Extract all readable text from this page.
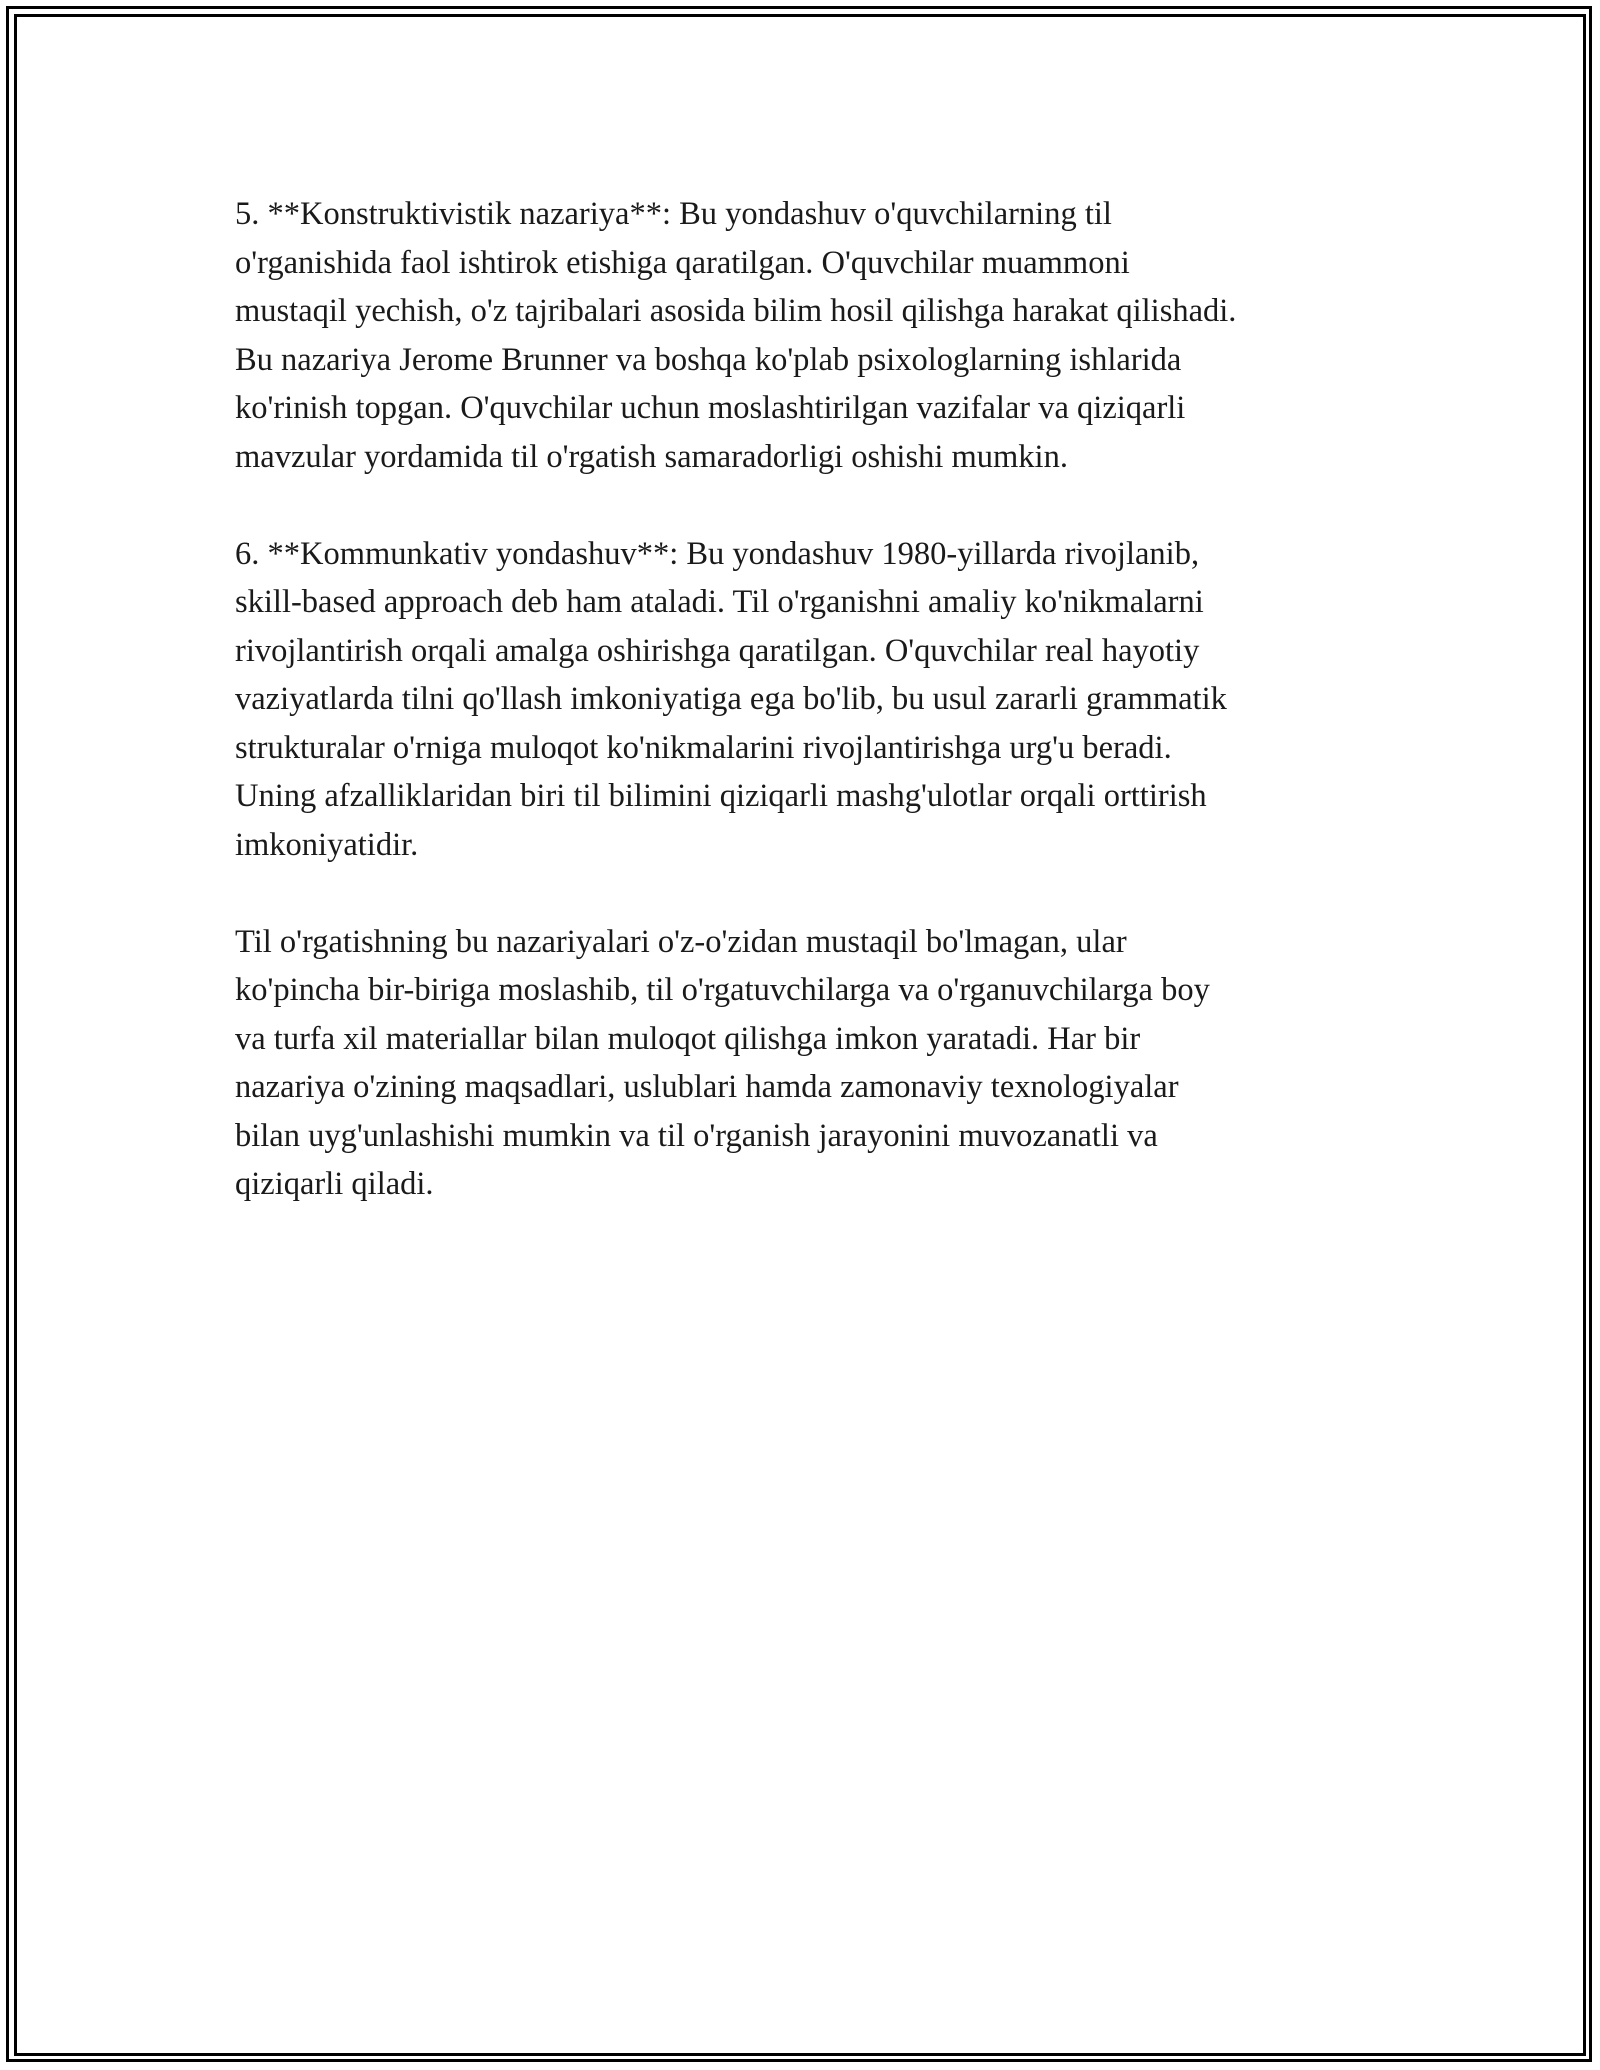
5. **Konstruktivistik nazariya**: Bu yondashuv o'quvchilarning til
o'rganishida faol ishtirok etishiga qaratilgan. O'quvchilar muammoni
mustaqil yechish, o'z tajribalari asosida bilim hosil qilishga harakat qilishadi.
Bu nazariya Jerome Brunner va boshqa ko'plab psixologlarning ishlarida
ko'rinish topgan. O'quvchilar uchun moslashtirilgan vazifalar va qiziqarli
mavzular yordamida til o'rgatish samaradorligi oshishi mumkin.

6. **Kommunkativ yondashuv**: Bu yondashuv 1980-yillarda rivojlanib,
skill-based approach deb ham ataladi. Til o'rganishni amaliy ko'nikmalarni
rivojlantirish orqali amalga oshirishga qaratilgan. O'quvchilar real hayotiy
vaziyatlarda tilni qo'llash imkoniyatiga ega bo'lib, bu usul zararli grammatik
strukturalar o'rniga muloqot ko'nikmalarini rivojlantirishga urg'u beradi.
Uning afzalliklaridan biri til bilimini qiziqarli mashg'ulotlar orqali orttirish
imkoniyatidir.

Til o'rgatishning bu nazariyalari o'z-o'zidan mustaqil bo'lmagan, ular
ko'pincha bir-biriga moslashib, til o'rgatuvchilarga va o'rganuvchilarga boy
va turfa xil materiallar bilan muloqot qilishga imkon yaratadi. Har bir
nazariya o'zining maqsadlari, uslublari hamda zamonaviy texnologiyalar
bilan uyg'unlashishi mumkin va til o'rganish jarayonini muvozanatli va
qiziqarli qiladi.
